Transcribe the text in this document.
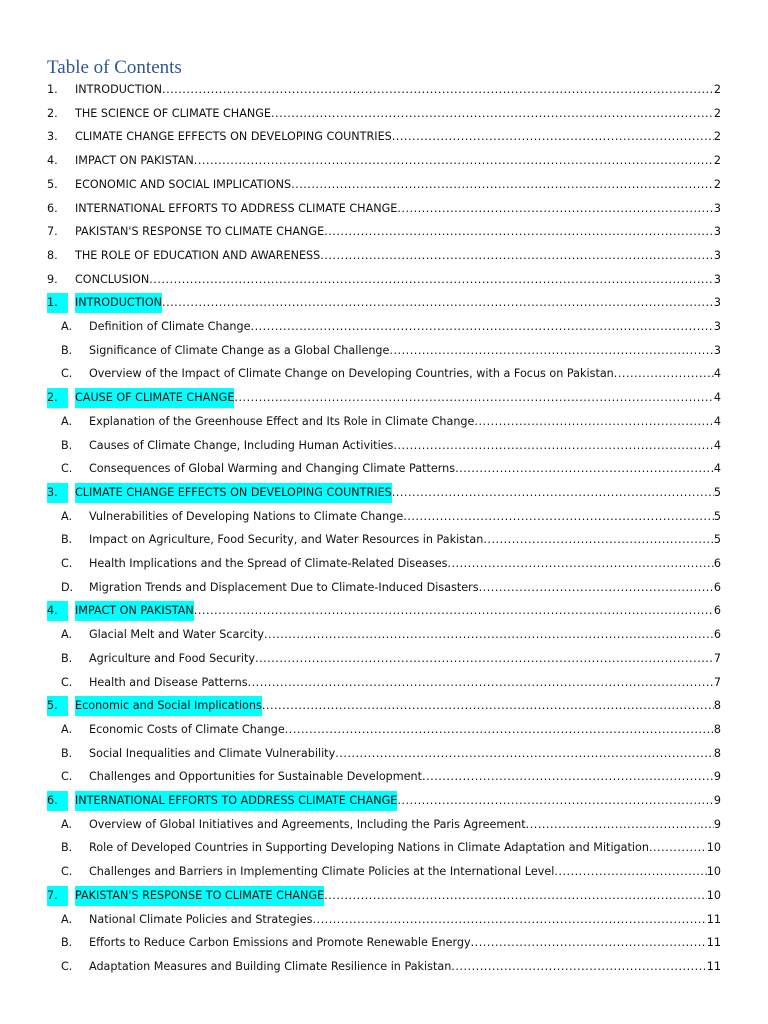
Table of Contents
1. INTRODUCTION .....	2
2. THE SCIENCE OF CLIMATE CHANGE .....	2
3. CLIMATE CHANGE EFFECTS ON DEVELOPING COUNTRIES .....	2
4. IMPACT ON PAKISTAN .....	2
5. ECONOMIC AND SOCIAL IMPLICATIONS .....	2
6. INTERNATIONAL EFFORTS TO ADDRESS CLIMATE CHANGE .....	3
7. PAKISTAN'S RESPONSE TO CLIMATE CHANGE .....	3
8. THE ROLE OF EDUCATION AND AWARENESS .....	3
9. CONCLUSION .....	3
1.	INTRODUCTION .....	3
A. Definition of Climate Change .....	3
B. Significance of Climate Change as a Global Challenge .....	3
C. Overview of the Impact of Climate Change on Developing Countries, with a Focus on Pakistan .....	4
2.	CAUSE OF CLIMATE CHANGE .....	4
A. Explanation of the Greenhouse Effect and Its Role in Climate Change .....	4
B. Causes of Climate Change, Including Human Activities .....	4
C. Consequences of Global Warming and Changing Climate Patterns .....	4
3.	CLIMATE CHANGE EFFECTS ON DEVELOPING COUNTRIES .....	5
A. Vulnerabilities of Developing Nations to Climate Change .....	5
B. Impact on Agriculture, Food Security, and Water Resources in Pakistan .....	5
C. Health Implications and the Spread of Climate-Related Diseases .....	6
D. Migration Trends and Displacement Due to Climate-Induced Disasters .....	6
4.	IMPACT ON PAKISTAN .....	6
A. Glacial Melt and Water Scarcity .....	6
B. Agriculture and Food Security .....	7
C. Health and Disease Patterns .....	7
5.	Economic and Social Implications .....	8
A. Economic Costs of Climate Change .....	8
B. Social Inequalities and Climate Vulnerability .....	8
C. Challenges and Opportunities for Sustainable Development .....	9
6.	INTERNATIONAL EFFORTS TO ADDRESS CLIMATE CHANGE .....	9
A. Overview of Global Initiatives and Agreements, Including the Paris Agreement .....	9
B. Role of Developed Countries in Supporting Developing Nations in Climate Adaptation and Mitigation .....	10
C. Challenges and Barriers in Implementing Climate Policies at the International Level .....	10
7.	PAKISTAN'S RESPONSE TO CLIMATE CHANGE .....	10
A. National Climate Policies and Strategies .....	11
B. Efforts to Reduce Carbon Emissions and Promote Renewable Energy .....	11
C. Adaptation Measures and Building Climate Resilience in Pakistan .....	11
